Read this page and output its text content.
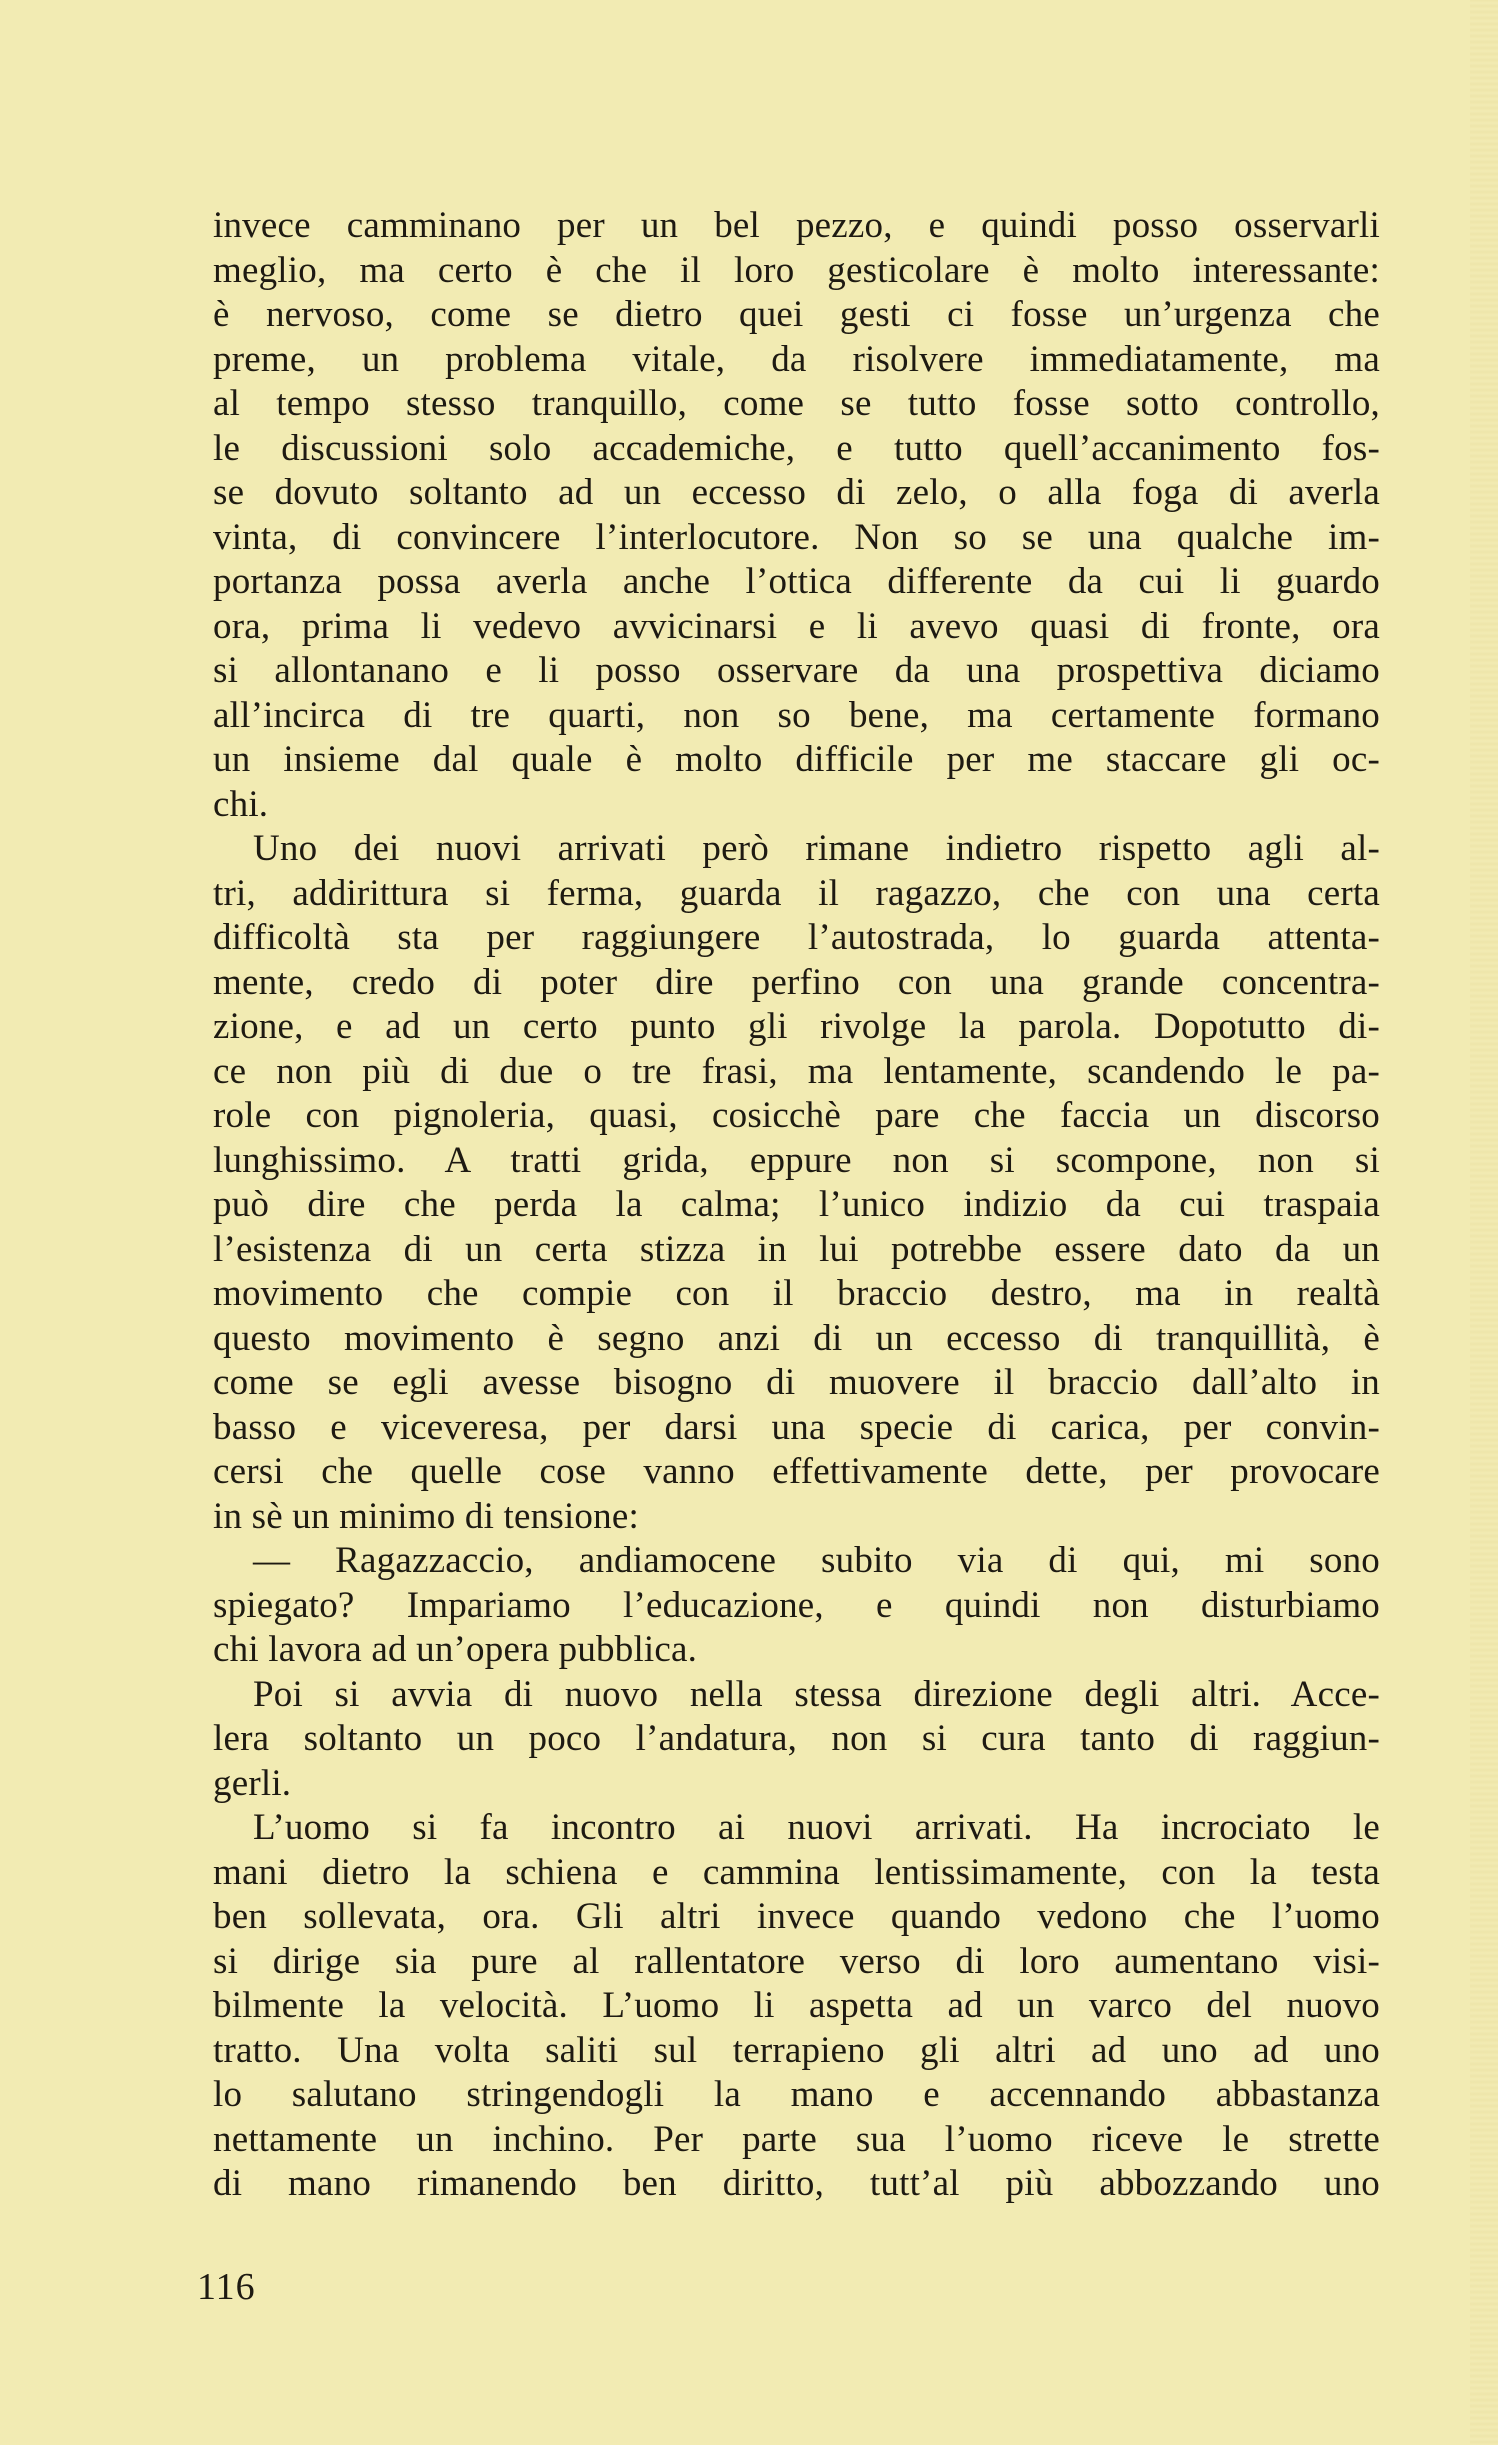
invece camminano per un bel pezzo, e quindi posso osservarli
meglio, ma certo è che il loro gesticolare è molto interessante:
è nervoso, come se dietro quei gesti ci fosse un’urgenza che
preme, un problema vitale, da risolvere immediatamente, ma
al tempo stesso tranquillo, come se tutto fosse sotto controllo,
le discussioni solo accademiche, e tutto quell’accanimento fos-
se dovuto soltanto ad un eccesso di zelo, o alla foga di averla
vinta, di convincere l’interlocutore. Non so se una qualche im-
portanza possa averla anche l’ottica differente da cui li guardo
ora, prima li vedevo avvicinarsi e li avevo quasi di fronte, ora
si allontanano e li posso osservare da una prospettiva diciamo
all’incirca di tre quarti, non so bene, ma certamente formano
un insieme dal quale è molto difficile per me staccare gli oc-
chi.
Uno dei nuovi arrivati però rimane indietro rispetto agli al-
tri, addirittura si ferma, guarda il ragazzo, che con una certa
difficoltà sta per raggiungere l’autostrada, lo guarda attenta-
mente, credo di poter dire perfino con una grande concentra-
zione, e ad un certo punto gli rivolge la parola. Dopotutto di-
ce non più di due o tre frasi, ma lentamente, scandendo le pa-
role con pignoleria, quasi, cosicchè pare che faccia un discorso
lunghissimo. A tratti grida, eppure non si scompone, non si
può dire che perda la calma; l’unico indizio da cui traspaia
l’esistenza di un certa stizza in lui potrebbe essere dato da un
movimento che compie con il braccio destro, ma in realtà
questo movimento è segno anzi di un eccesso di tranquillità, è
come se egli avesse bisogno di muovere il braccio dall’alto in
basso e viceveresa, per darsi una specie di carica, per convin-
cersi che quelle cose vanno effettivamente dette, per provocare
in sè un minimo di tensione:
— Ragazzaccio, andiamocene subito via di qui, mi sono
spiegato? Impariamo l’educazione, e quindi non disturbiamo
chi lavora ad un’opera pubblica.
Poi si avvia di nuovo nella stessa direzione degli altri. Acce-
lera soltanto un poco l’andatura, non si cura tanto di raggiun-
gerli.
L’uomo si fa incontro ai nuovi arrivati. Ha incrociato le
mani dietro la schiena e cammina lentissimamente, con la testa
ben sollevata, ora. Gli altri invece quando vedono che l’uomo
si dirige sia pure al rallentatore verso di loro aumentano visi-
bilmente la velocità. L’uomo li aspetta ad un varco del nuovo
tratto. Una volta saliti sul terrapieno gli altri ad uno ad uno
lo salutano stringendogli la mano e accennando abbastanza
nettamente un inchino. Per parte sua l’uomo riceve le strette
di mano rimanendo ben diritto, tutt’al più abbozzando uno
116
